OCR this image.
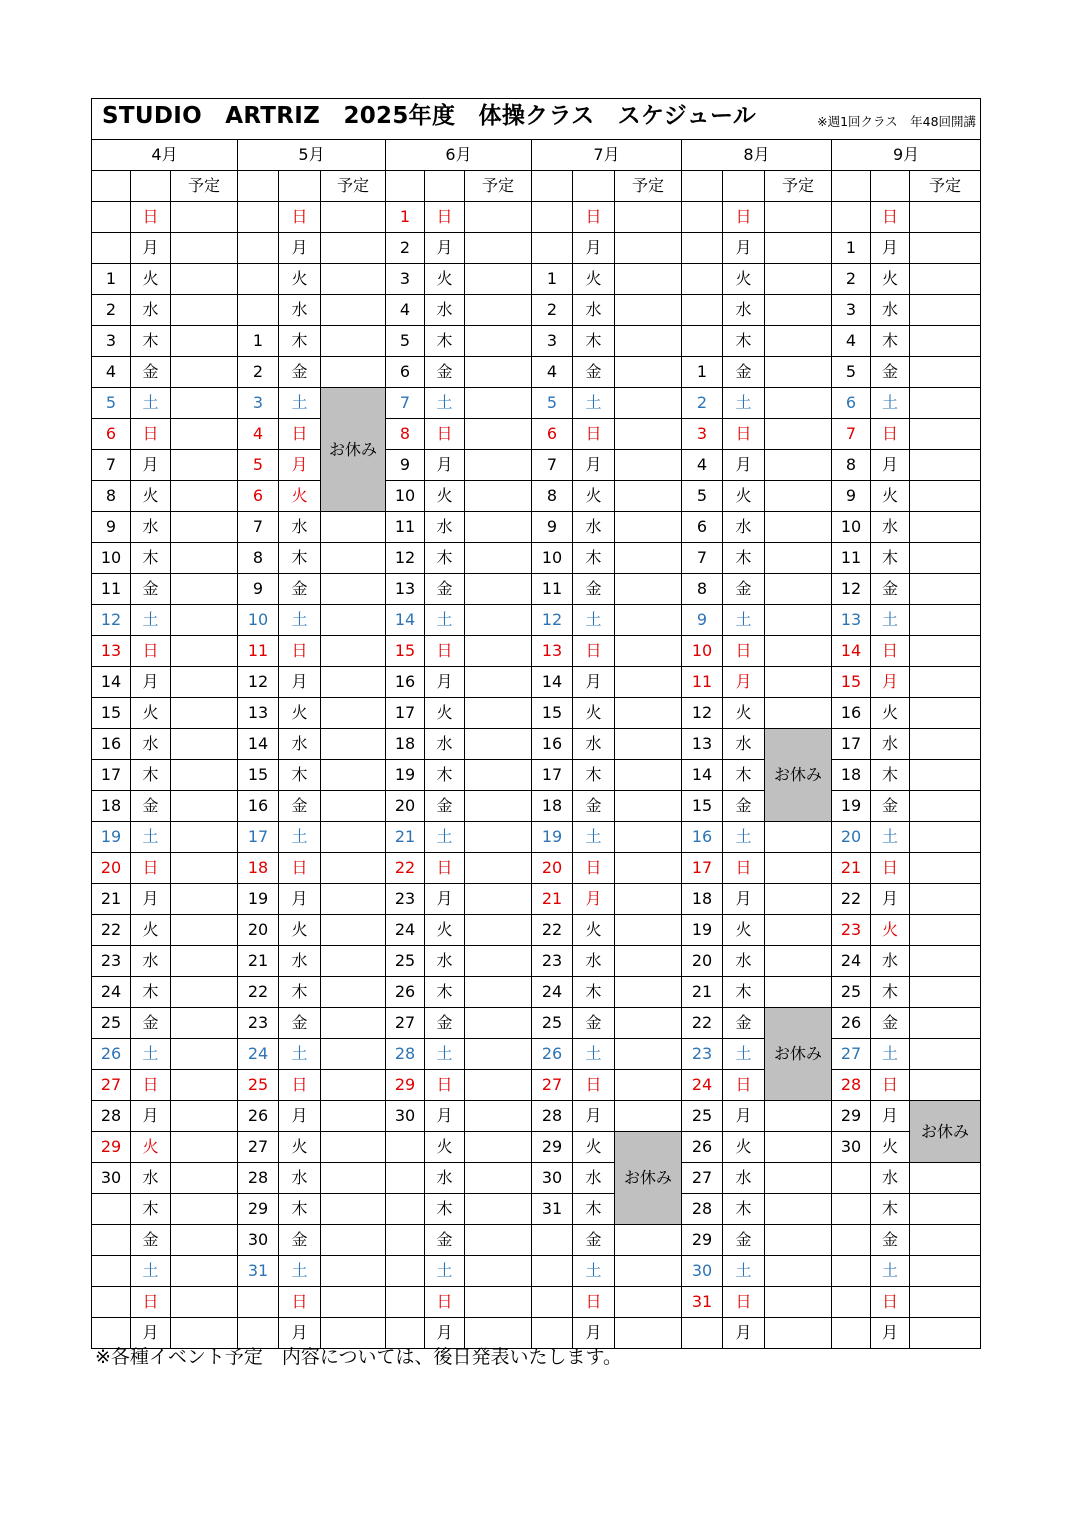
STUDIO　ARTRIZ　2025年度　体操クラス　スケジュール ※週1回クラス　年48回開講																	

4月			5月			6月			7月			8月			9月		
		予定			予定			予定			予定			予定			予定
	日			日		1	日			日			日			日	
	月			月		2	月			月			月		1	月	
1	火			火		3	火		1	火			火		2	火	
2	水			水		4	水		2	水			水		3	水	
3	木		1	木		5	木		3	木			木		4	木	
4	金		2	金		6	金		4	金		1	金		5	金	
5	土		3	土	お休み	7	土		5	土		2	土		6	土	
6	日		4	日		8	日		6	日		3	日		7	日	
7	月		5	月		9	月		7	月		4	月		8	月	
8	火		6	火		10	火		8	火		5	火		9	火	
9	水		7	水		11	水		9	水		6	水		10	水	
10	木		8	木		12	木		10	木		7	木		11	木	
11	金		9	金		13	金		11	金		8	金		12	金	
12	土		10	土		14	土		12	土		9	土		13	土	
13	日		11	日		15	日		13	日		10	日		14	日	
14	月		12	月		16	月		14	月		11	月		15	月	
15	火		13	火		17	火		15	火		12	火		16	火	
16	水		14	水		18	水		16	水		13	水	お休み	17	水	
17	木		15	木		19	木		17	木		14	木		18	木	
18	金		16	金		20	金		18	金		15	金		19	金	
19	土		17	土		21	土		19	土		16	土		20	土	
20	日		18	日		22	日		20	日		17	日		21	日	
21	月		19	月		23	月		21	月		18	月		22	月	
22	火		20	火		24	火		22	火		19	火		23	火	
23	水		21	水		25	水		23	水		20	水		24	水	
24	木		22	木		26	木		24	木		21	木		25	木	
25	金		23	金		27	金		25	金		22	金	お休み	26	金	
26	土		24	土		28	土		26	土		23	土		27	土	
27	日		25	日		29	日		27	日		24	日		28	日	
28	月		26	月		30	月		28	月		25	月		29	月	お休み
29	火		27	火			火		29	火	お休み	26	火		30	火	
30	水		28	水			水		30	水		27	水			水	
	木		29	木			木		31	木		28	木			木	
	金		30	金			金			金		29	金			金	
	土		31	土			土			土		30	土			土	
	日			日			日			日		31	日			日	
	月			月			月			月			月			月	
※各種イベント予定　内容については、後日発表いたします。
